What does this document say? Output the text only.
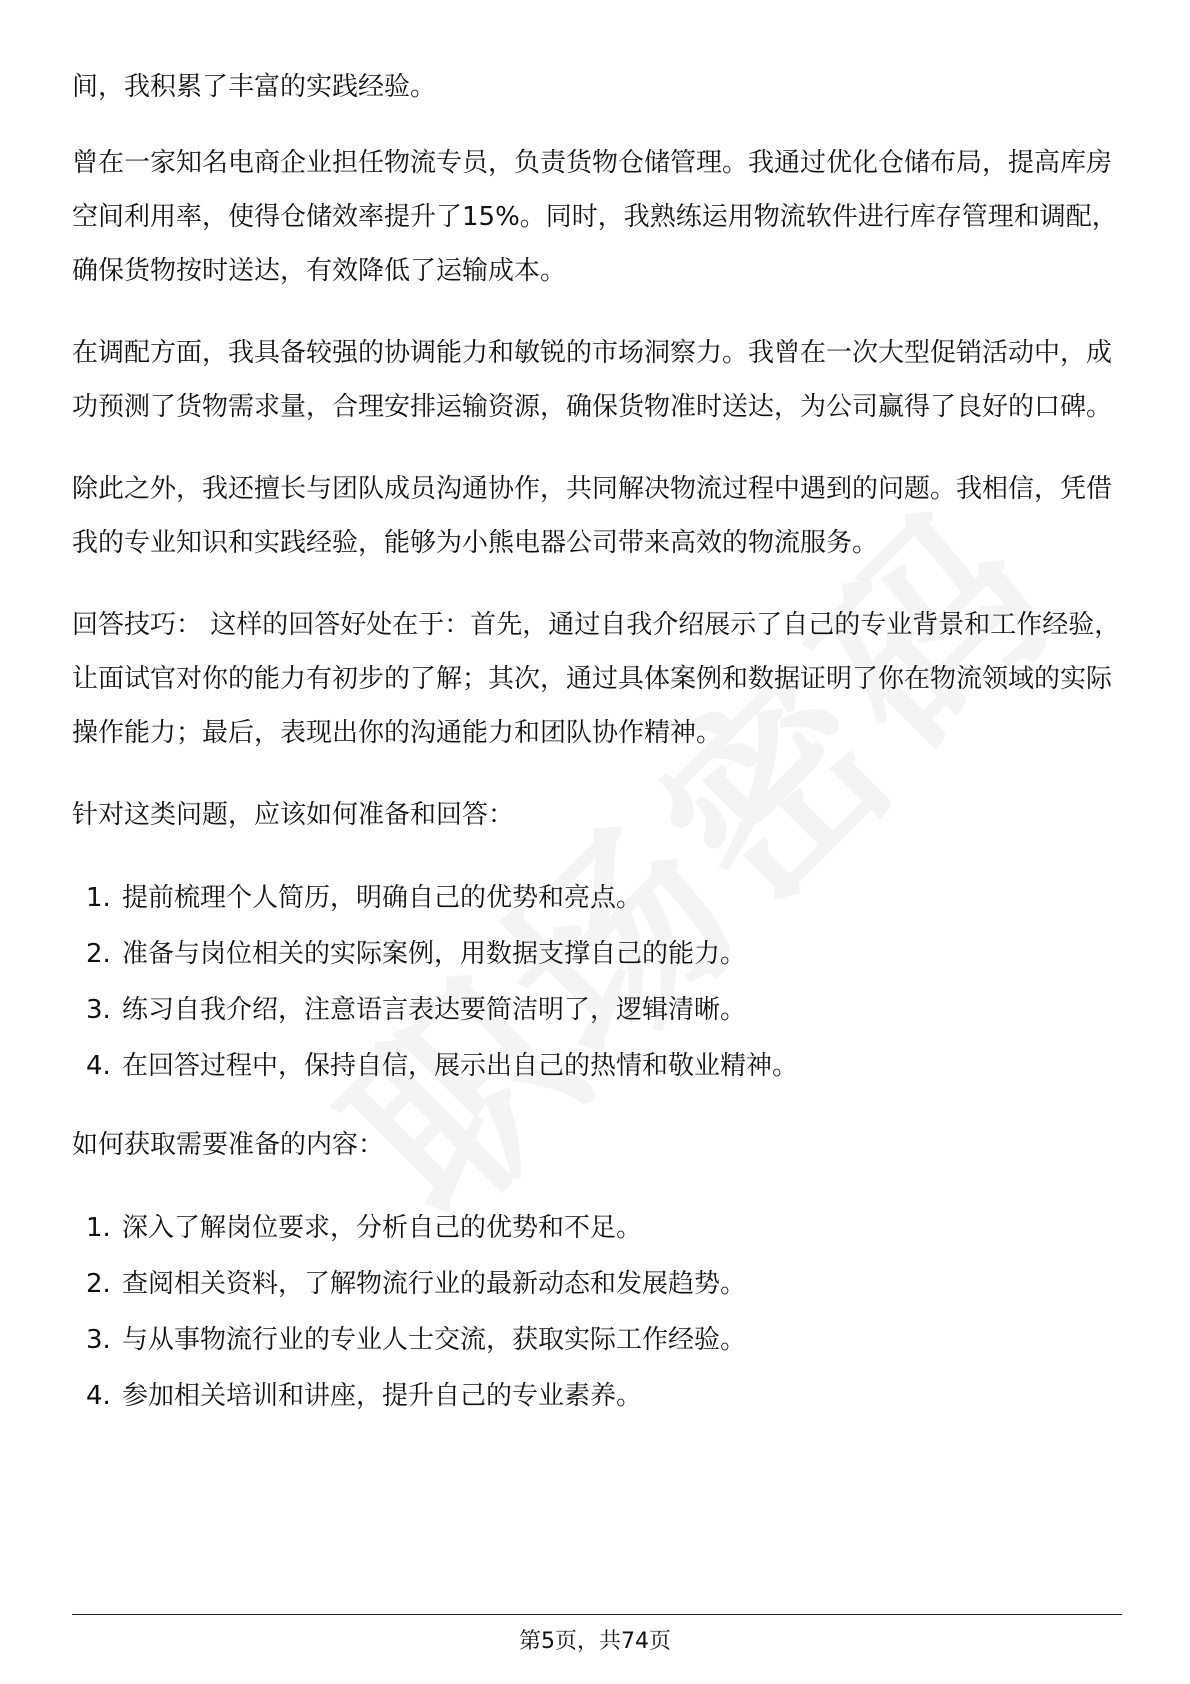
间，我积累了丰富的实践经验。

曾在一家知名电商企业担任物流专员，负责货物仓储管理。我通过优化仓储布局，提高库房空间利用率，使得仓储效率提升了15%。同时，我熟练运用物流软件进行库存管理和调配，确保货物按时送达，有效降低了运输成本。

在调配方面，我具备较强的协调能力和敏锐的市场洞察力。我曾在一次大型促销活动中，成功预测了货物需求量，合理安排运输资源，确保货物准时送达，为公司赢得了良好的口碑。

除此之外，我还擅长与团队成员沟通协作，共同解决物流过程中遇到的问题。我相信，凭借我的专业知识和实践经验，能够为小熊电器公司带来高效的物流服务。

回答技巧： 这样的回答好处在于：首先，通过自我介绍展示了自己的专业背景和工作经验，让面试官对你的能力有初步的了解；其次，通过具体案例和数据证明了你在物流领域的实际操作能力；最后，表现出你的沟通能力和团队协作精神。

针对这类问题，应该如何准备和回答：

1. 提前梳理个人简历，明确自己的优势和亮点。
2. 准备与岗位相关的实际案例，用数据支撑自己的能力。
3. 练习自我介绍，注意语言表达要简洁明了，逻辑清晰。
4. 在回答过程中，保持自信，展示出自己的热情和敬业精神。

如何获取需要准备的内容：

1. 深入了解岗位要求，分析自己的优势和不足。
2. 查阅相关资料，了解物流行业的最新动态和发展趋势。
3. 与从事物流行业的专业人士交流，获取实际工作经验。
4. 参加相关培训和讲座，提升自己的专业素养。
第5页，共74页
